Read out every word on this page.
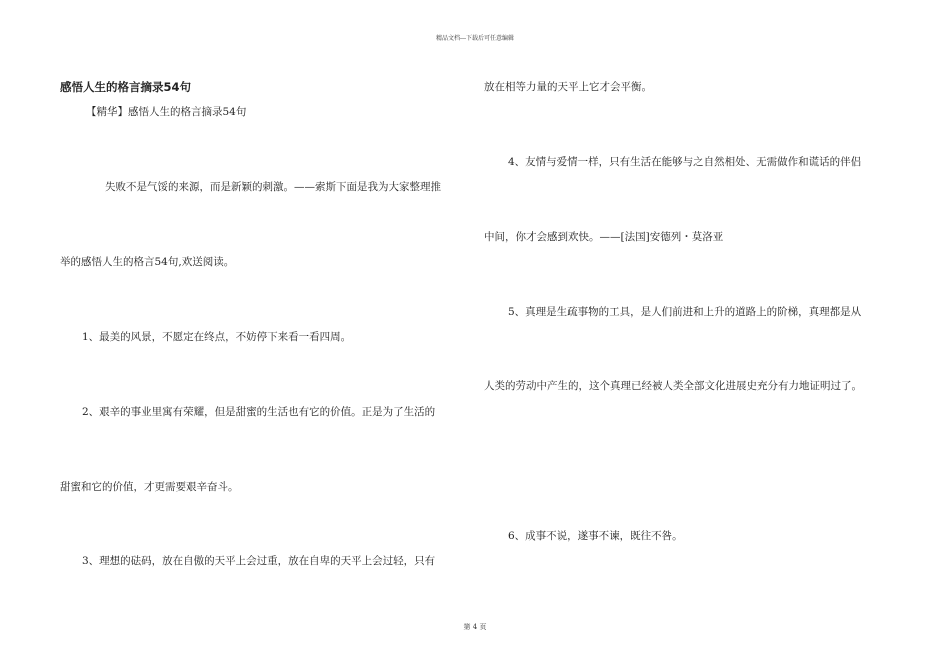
精品文档---下载后可任意编辑
感悟人生的格言摘录54句
【精华】感悟人生的格言摘录54句
失败不是气馁的来源，而是新颖的刺激。——索斯下面是我为大家整理推
举的感悟人生的格言54句,欢送阅读。
1、最美的风景，不愿定在终点，不妨停下来看一看四周。
2、艰辛的事业里寓有荣耀，但是甜蜜的生活也有它的价值。正是为了生活的
甜蜜和它的价值，才更需要艰辛奋斗。
3、理想的砝码，放在自傲的天平上会过重，放在自卑的天平上会过轻，只有
放在相等力量的天平上它才会平衡。
4、友情与爱情一样，只有生活在能够与之自然相处、无需做作和谎话的伴侣
中间，你才会感到欢快。——[法国]安德列・莫洛亚
5、真理是生疏事物的工具，是人们前进和上升的道路上的阶梯，真理都是从
人类的劳动中产生的，这个真理已经被人类全部文化进展史充分有力地证明过了。
6、成事不说，遂事不谏，既往不咎。
第 4 页
